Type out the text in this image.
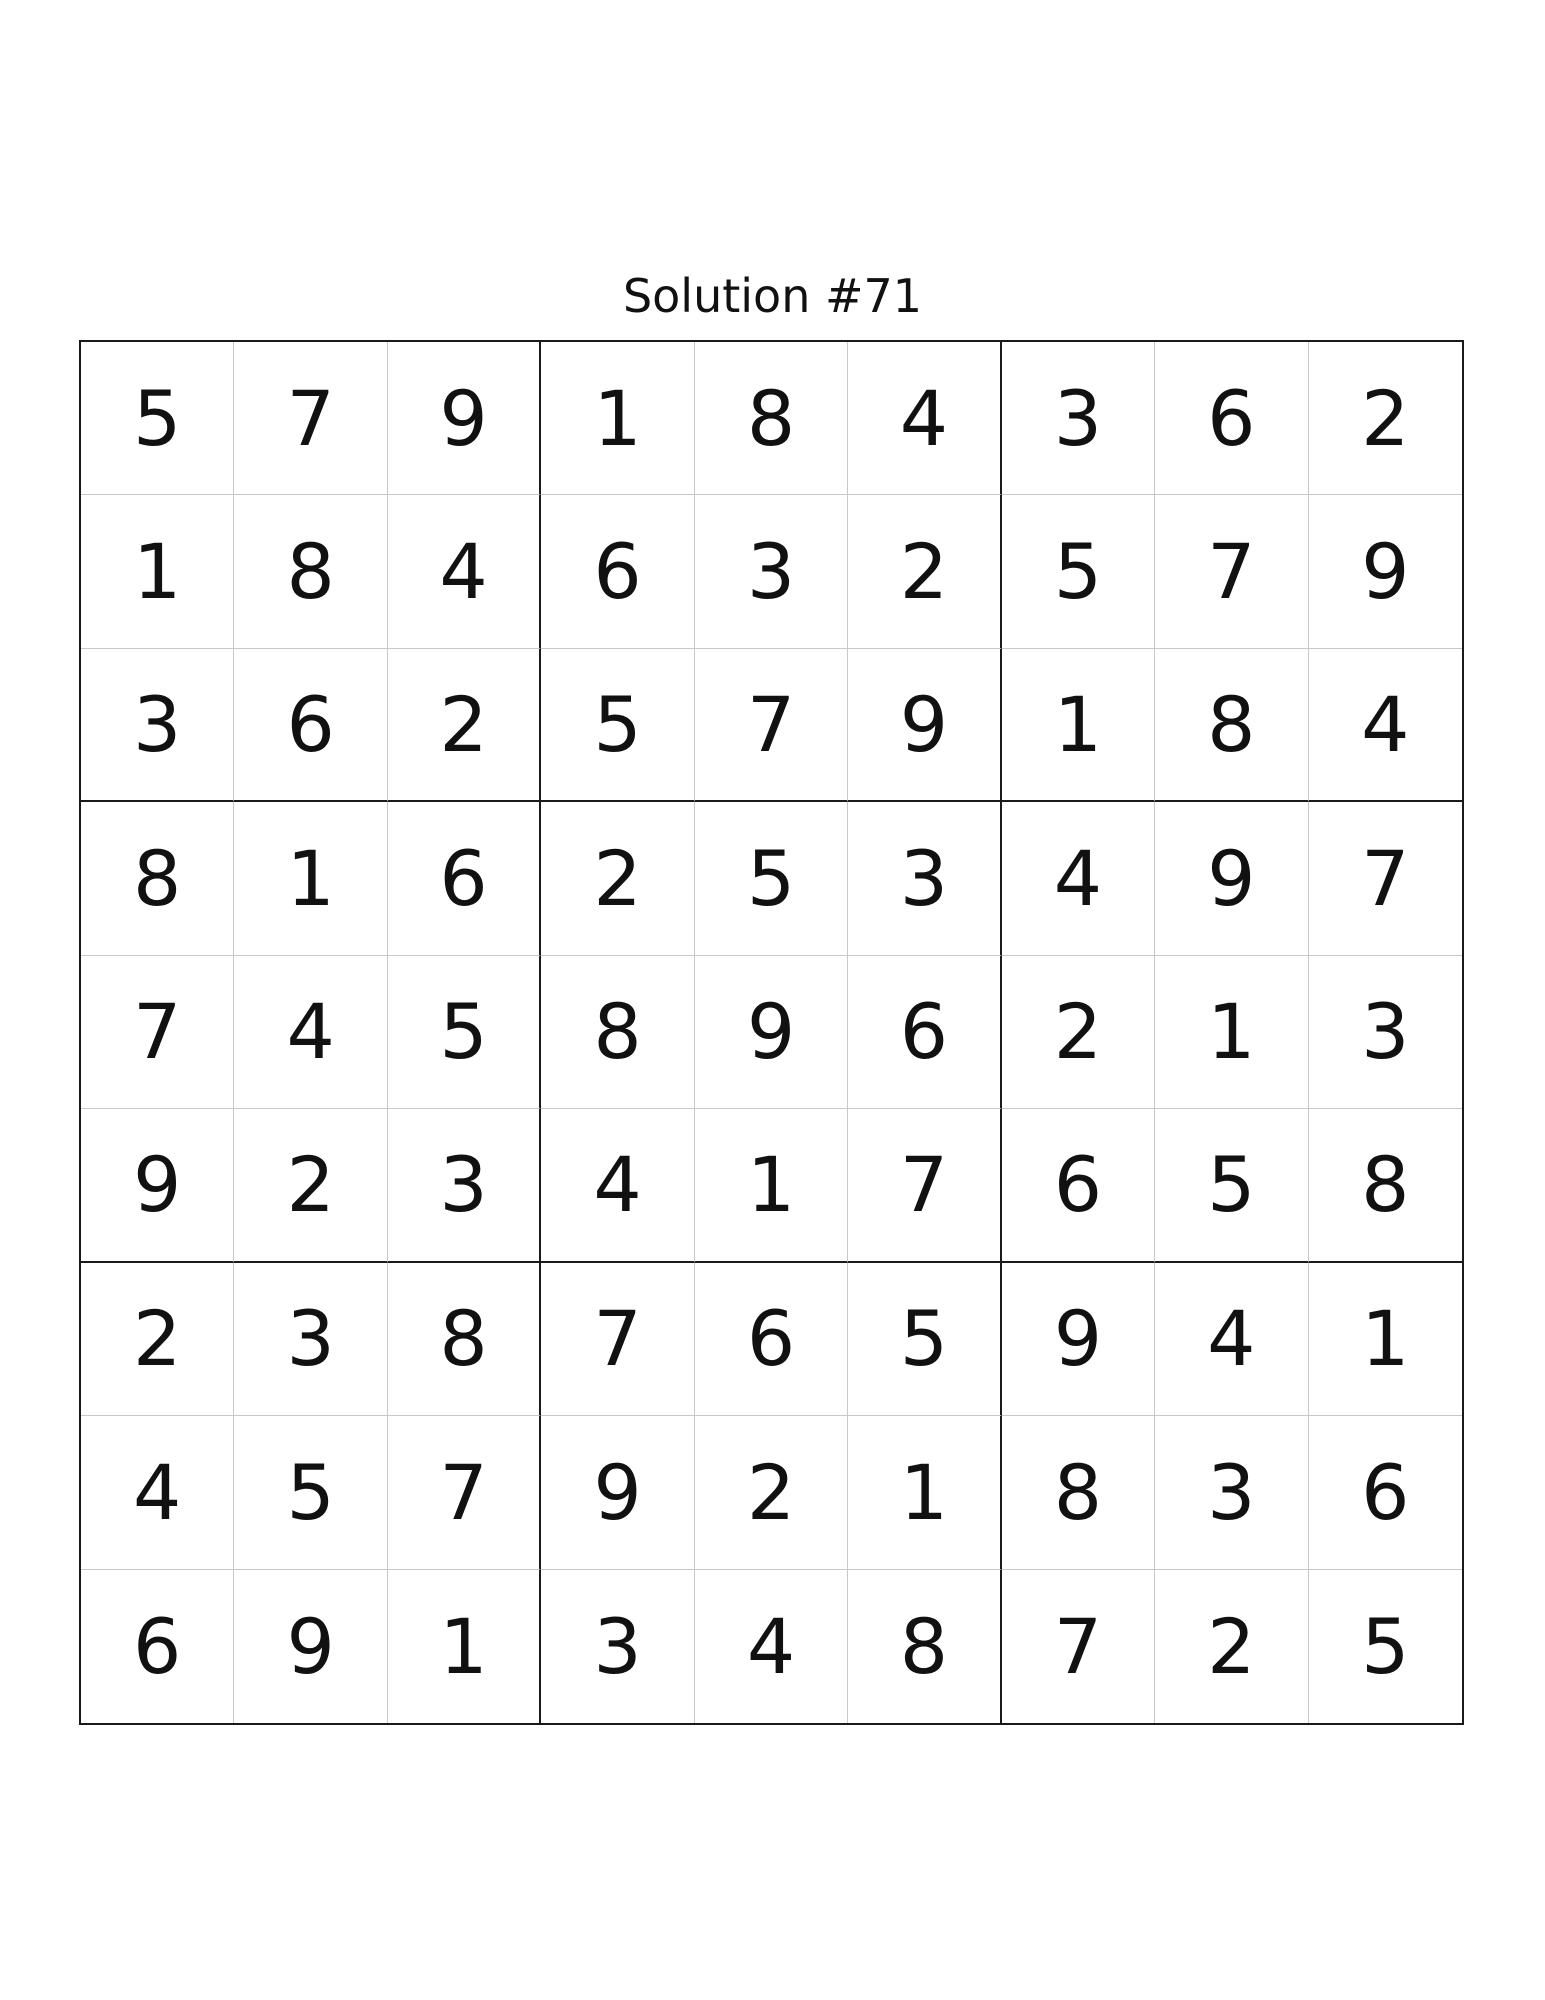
Solution #71
5	7	9	1	8	4	3	6	2
1	8	4	6	3	2	5	7	9
3	6	2	5	7	9	1	8	4
8	1	6	2	5	3	4	9	7
7	4	5	8	9	6	2	1	3
9	2	3	4	1	7	6	5	8
2	3	8	7	6	5	9	4	1
4	5	7	9	2	1	8	3	6
6	9	1	3	4	8	7	2	5
